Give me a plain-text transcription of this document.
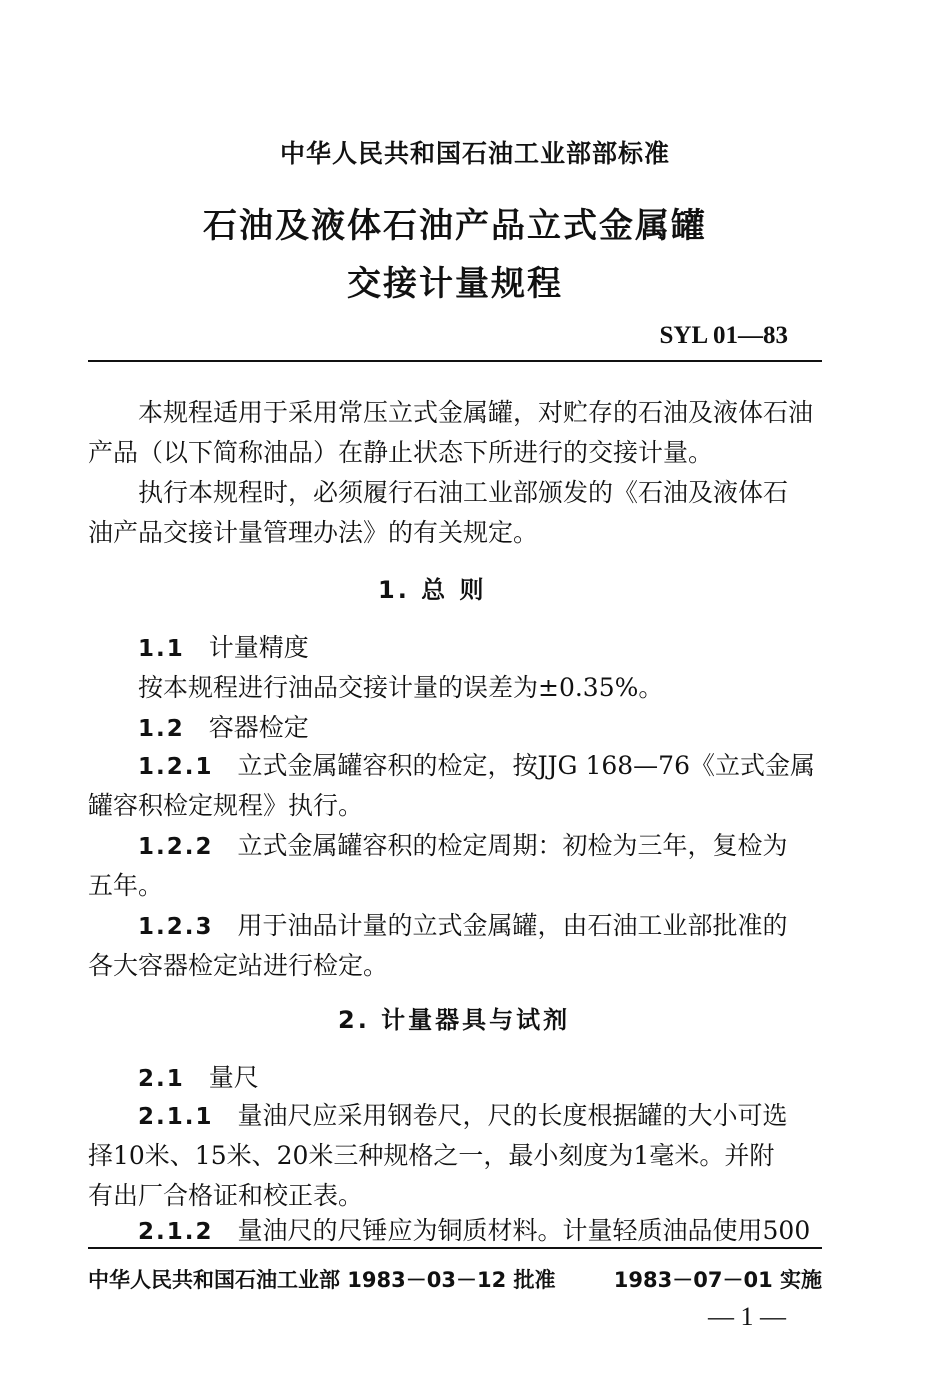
中华人民共和国石油工业部部标准
石油及液体石油产品立式金属罐
交接计量规程
SYL 01—83
本规程适用于采用常压立式金属罐，对贮存的石油及液体石油
产品（以下简称油品）在静止状态下所进行的交接计量。
执行本规程时，必须履行石油工业部颁发的《石油及液体石
油产品交接计量管理办法》的有关规定。
1. 总 则
1.1 计量精度
按本规程进行油品交接计量的误差为±0.35%。
1.2 容器检定
1.2.1 立式金属罐容积的检定，按JJG 168—76《立式金属
罐容积检定规程》执行。
1.2.2 立式金属罐容积的检定周期：初检为三年，复检为
五年。
1.2.3 用于油品计量的立式金属罐，由石油工业部批准的
各大容器检定站进行检定。
2. 计量器具与试剂
2.1 量尺
2.1.1 量油尺应采用钢卷尺，尺的长度根据罐的大小可选
择10米、15米、20米三种规格之一，最小刻度为1毫米。并附
有出厂合格证和校正表。
2.1.2 量油尺的尺锤应为铜质材料。计量轻质油品使用500
中华人民共和国石油工业部 1983－03－12 批准	1983－07－01 实施
— 1 —
